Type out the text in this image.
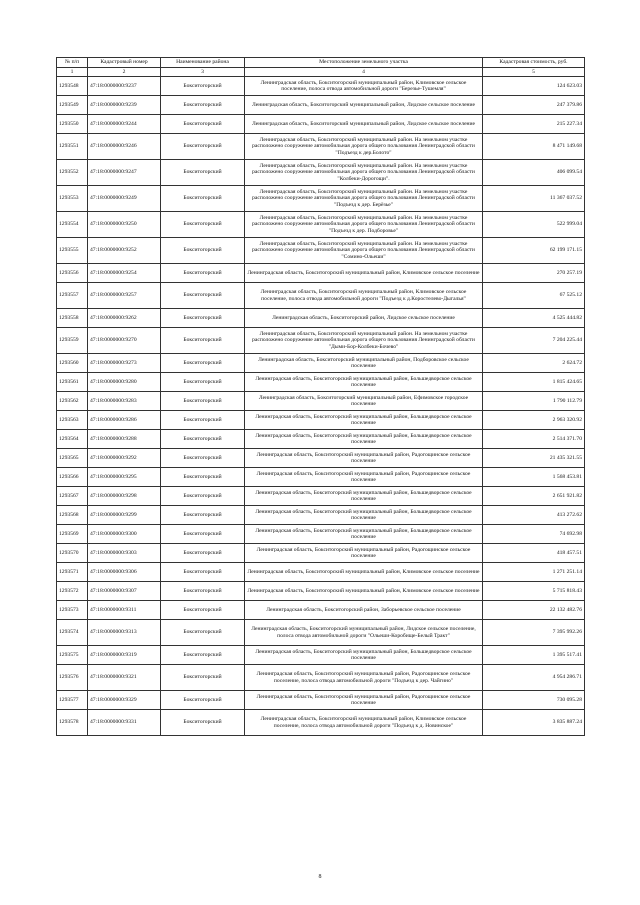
№ п/п	Кадастровый номер	Наименование района	Местоположение земельного участка	Кадастровая стоимость, руб.
1	2	3	4	5
1293548	47:18:0000000:9237	Бокситогорский	Ленинградская область, Бокситогорский муниципальный район, Климовское сельское поселение, полоса отвода автомобильной дороги "Березье-Тушемля"	124 623.03
1293549	47:18:0000000:9239	Бокситогорский	Ленинградская область, Бокситогорский муниципальный район, Лидское сельское поселение	247 379.86
1293550	47:18:0000000:9244	Бокситогорский	Ленинградская область, Бокситогорский муниципальный район, Лидское сельское поселение	215 227.34
1293551	47:18:0000000:9246	Бокситогорский	Ленинградская область, Бокситогорский муниципальный район. На земельном участке расположено сооружение автомобильная дорога общего пользования Ленинградской области "Подъезд к дер.Болото"	8 471 149.68
1293552	47:18:0000000:9247	Бокситогорский	Ленинградская область, Бокситогорский муниципальный район. На земельном участке расположено сооружение автомобильная дорога общего пользования Ленинградской области "Колбеки-Дорогощи".	406 099.54
1293553	47:18:0000000:9249	Бокситогорский	Ленинградская область, Бокситогорский муниципальный район. На земельном участке расположено сооружение автомобильная дорога общего пользования Ленинградской области "Подъезд к дер. Берёзье"	11 367 037.52
1293554	47:18:0000000:9250	Бокситогорский	Ленинградская область, Бокситогорский муниципальный район. На земельном участке расположено сооружение автомобильная дорога общего пользования Ленинградской области "Подъезд к дер. Подборовье"	522 999.04
1293555	47:18:0000000:9252	Бокситогорский	Ленинградская область, Бокситогорский муниципальный район. На земельном участке расположено сооружение автомобильная дорога общего пользования Ленинградской области "Сомино-Ольеши"	62 199 171.15
1293556	47:18:0000000:9254	Бокситогорский	Ленинградская область, Бокситогорский муниципальный район, Климовское сельское поселение	270 257.19
1293557	47:18:0000000:9257	Бокситогорский	Ленинградская область, Бокситогорский муниципальный район, Климовское сельское поселение, полоса отвода автомобильной дороги "Подъезд к д.Коростелево-Дыгалья"	67 525.12
1293558	47:18:0000000:9262	Бокситогорский	Ленинградская область, Бокситогорский район, Лидское сельское поселение	4 525 444.82
1293559	47:18:0000000:9270	Бокситогорский	Ленинградская область, Бокситогорский муниципальный район. На земельном участке расположено сооружение автомобильная дорога общего пользования Ленинградской области "Дыми-Бор-Колбеки-Бочево"	7 204 225.44
1293560	47:18:0000000:9273	Бокситогорский	Ленинградская область, Бокситогорский муниципальный район, Подборовское сельское поселение	2 624.72
1293561	47:18:0000000:9280	Бокситогорский	Ленинградская область, Бокситогорский муниципальный район, Большедворское сельское поселение	1 815 424.65
1293562	47:18:0000000:9283	Бокситогорский	Ленинградская область, Бокситогорский муниципальный район, Ефимовское городское поселение	1 790 112.79
1293563	47:18:0000000:9286	Бокситогорский	Ленинградская область, Бокситогорский муниципальный район, Большедворское сельское поселение	2 963 320.92
1293564	47:18:0000000:9288	Бокситогорский	Ленинградская область, Бокситогорский муниципальный район, Большедворское сельское поселение	2 514 371.70
1293565	47:18:0000000:9292	Бокситогорский	Ленинградская область, Бокситогорский муниципальный район, Радогощинское сельское поселение	21 435 321.55
1293566	47:18:0000000:9295	Бокситогорский	Ленинградская область, Бокситогорский муниципальный район, Радогощинское сельское поселение	1 568 453.81
1293567	47:18:0000000:9298	Бокситогорский	Ленинградская область, Бокситогорский муниципальный район, Большедворское сельское поселение	2 651 921.82
1293568	47:18:0000000:9299	Бокситогорский	Ленинградская область, Бокситогорский муниципальный район, Большедворское сельское поселение	413 272.62
1293569	47:18:0000000:9300	Бокситогорский	Ленинградская область, Бокситогорский муниципальный район, Большедворское сельское поселение	74 692.98
1293570	47:18:0000000:9303	Бокситогорский	Ленинградская область, Бокситогорский муниципальный район, Радогощинское сельское поселение	418 457.51
1293571	47:18:0000000:9306	Бокситогорский	Ленинградская область, Бокситогорский муниципальный район, Климовское сельское поселение	1 271 251.14
1293572	47:18:0000000:9307	Бокситогорский	Ленинградская область, Бокситогорский муниципальный район, Климовское сельское поселение	5 715 818.43
1293573	47:18:0000000:9311	Бокситогорский	Ленинградская область, Бокситогорский район, Заборьевское сельское поселение	22 132 482.76
1293574	47:18:0000000:9313	Бокситогорский	Ленинградская область, Бокситогорский муниципальный район, Лидское сельское поселение, полоса отвода автомобильной дороги "Ольеши-Коробище-Белый Тракт"	7 395 992.26
1293575	47:18:0000000:9319	Бокситогорский	Ленинградская область, Бокситогорский муниципальный район, Большедворское сельское поселение	1 395 517.41
1293576	47:18:0000000:9321	Бокситогорский	Ленинградская область, Бокситогорский муниципальный район, Радогощинское сельское поселение, полоса отвода автомобильной дороги "Подъезд к дер. Чайгино"	4 954 286.71
1293577	47:18:0000000:9329	Бокситогорский	Ленинградская область, Бокситогорский муниципальный район, Радогощинское сельское поселение	730 095.28
1293578	47:18:0000000:9331	Бокситогорский	Ленинградская область, Бокситогорский муниципальный район, Климовское сельское поселение, полоса отвода автомобильной дороги "Подъезд к д. Новинское"	3 835 887.24
8
